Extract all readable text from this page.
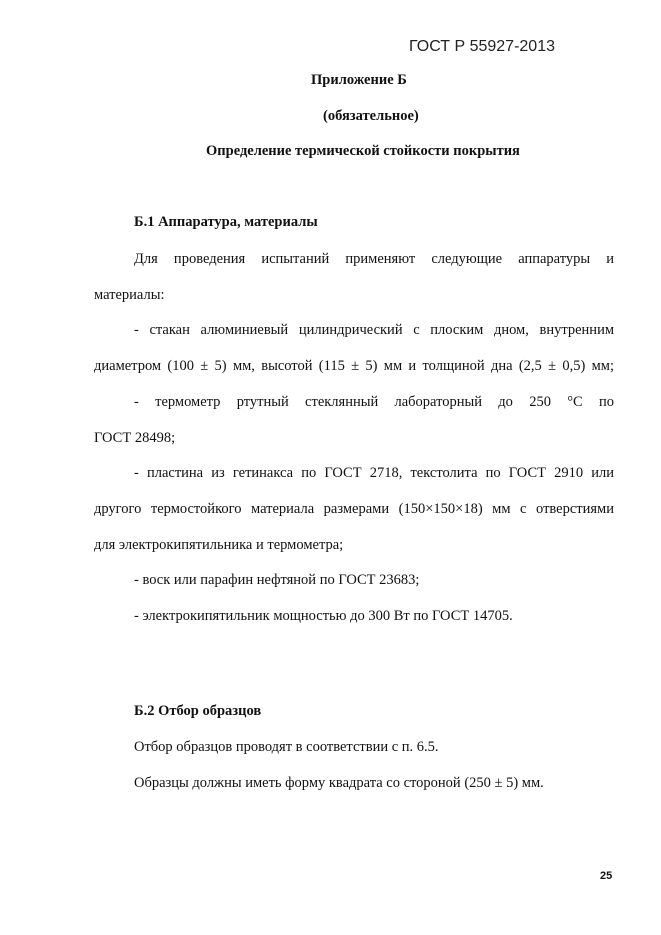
ГОСТ Р 55927-2013
Приложение Б
(обязательное)
Определение термической стойкости покрытия
Б.1 Аппаратура, материалы
Для проведения испытаний применяют следующие аппаратуры и
материалы:
- стакан алюминиевый цилиндрический с плоским дном, внутренним
диаметром (100 ± 5) мм, высотой (115 ± 5) мм и толщиной дна (2,5 ± 0,5) мм;
- термометр ртутный стеклянный лабораторный до 250 °С по
ГОСТ 28498;
- пластина из гетинакса по ГОСТ 2718, текстолита по ГОСТ 2910 или
другого термостойкого материала размерами (150×150×18) мм с отверстиями
для электрокипятильника и термометра;
- воск или парафин нефтяной по ГОСТ 23683;
- электрокипятильник мощностью до 300 Вт по ГОСТ 14705.
Б.2 Отбор образцов
Отбор образцов проводят в соответствии с п. 6.5.
Образцы должны иметь форму квадрата со стороной (250 ± 5) мм.
25
